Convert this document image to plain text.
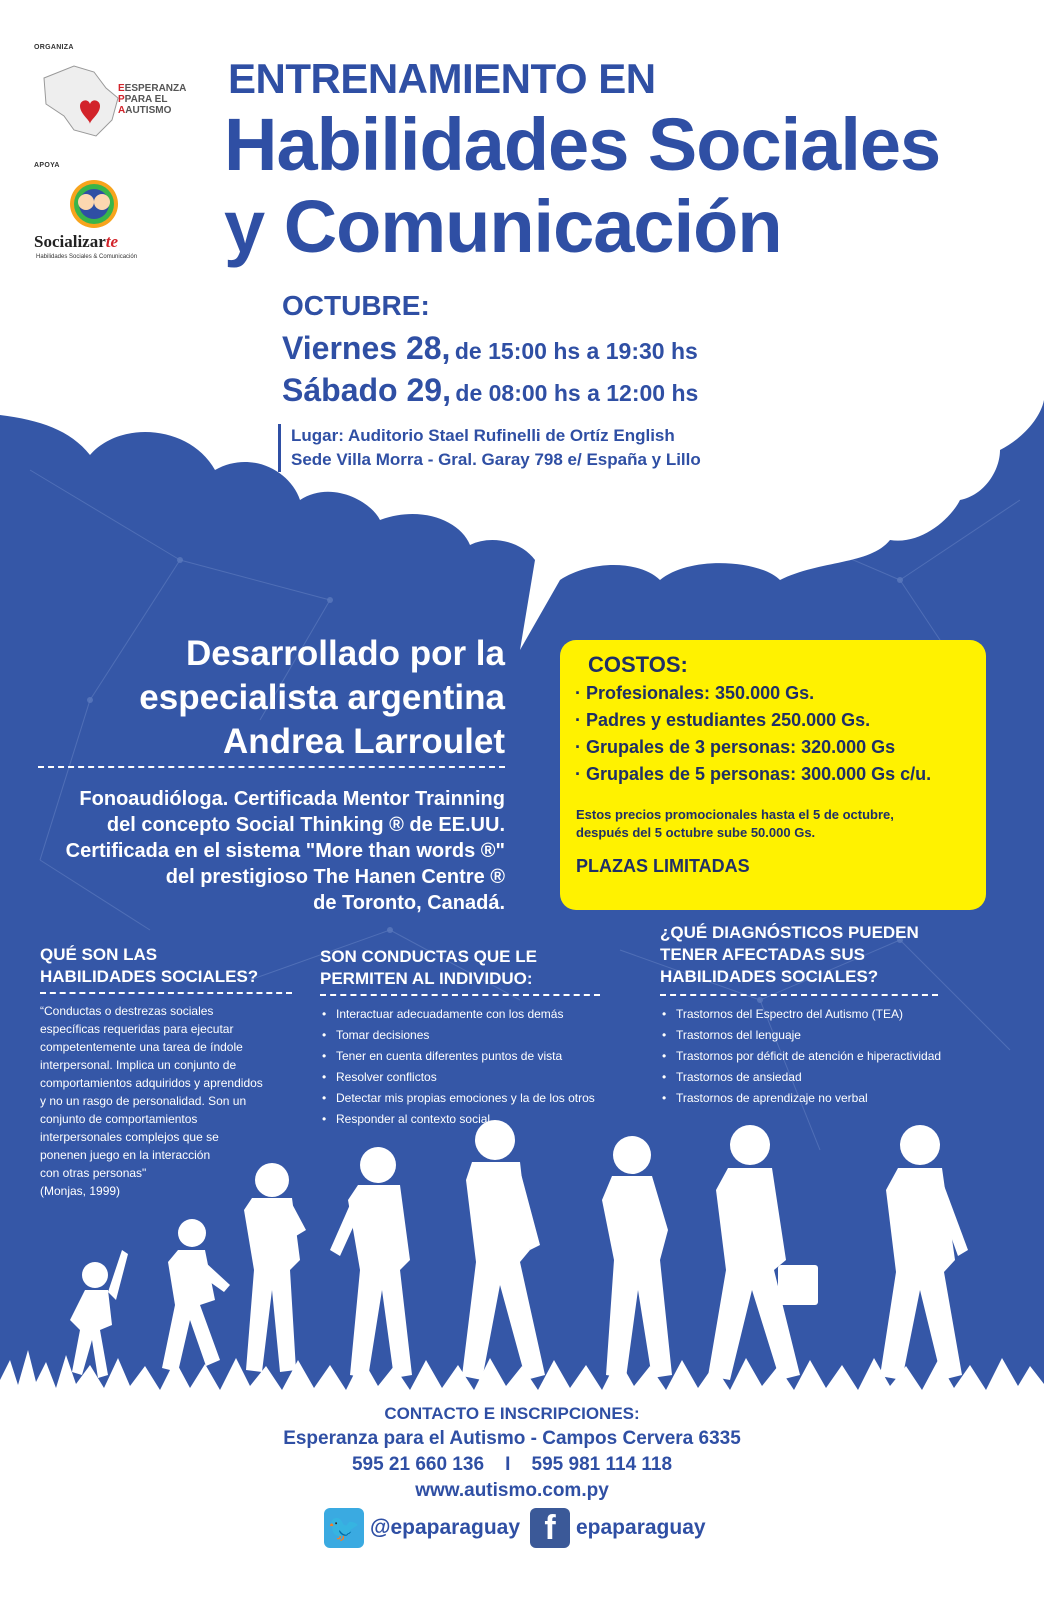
ORGANIZA
EESPERANZA
PPARA EL
AAUTISMO
APOYA
Socializarte
Habilidades Sociales & Comunicación
ENTRENAMIENTO EN
Habilidades Sociales
y Comunicación
OCTUBRE:
Viernes 28, de 15:00 hs a 19:30 hs
Sábado 29, de 08:00 hs a 12:00 hs
Lugar: Auditorio Stael Rufinelli de Ortíz English
Sede Villa Morra - Gral. Garay 798 e/ España y Lillo
Desarrollado por la
especialista argentina
Andrea Larroulet
Fonoaudióloga. Certificada Mentor Trainning
del concepto Social Thinking ® de EE.UU.
Certificada en el sistema "More than words ®"
del prestigioso The Hanen Centre ®
de Toronto, Canadá.
COSTOS:
· Profesionales: 350.000 Gs.
· Padres y estudiantes 250.000 Gs.
· Grupales de 3 personas: 320.000 Gs
· Grupales de 5 personas: 300.000 Gs c/u.
Estos precios promocionales hasta el 5 de octubre,
después del 5 octubre sube 50.000 Gs.
PLAZAS LIMITADAS
QUÉ SON LAS
HABILIDADES SOCIALES?
“Conductas o destrezas sociales
específicas requeridas para ejecutar
competentemente una tarea de índole
interpersonal. Implica un conjunto de
comportamientos adquiridos y aprendidos
y no un rasgo de personalidad. Son un
conjunto de comportamientos
interpersonales complejos que se
ponenen juego en la interacción
con otras personas"
(Monjas, 1999)
SON CONDUCTAS QUE LE
PERMITEN AL INDIVIDUO:
• Interactuar adecuadamente con los demás
• Tomar decisiones
• Tener en cuenta diferentes puntos de vista
• Resolver conflictos
• Detectar mis propias emociones y la de los otros
• Responder al contexto social
¿QUÉ DIAGNÓSTICOS PUEDEN
TENER AFECTADAS SUS
HABILIDADES SOCIALES?
• Trastornos del Espectro del Autismo (TEA)
• Trastornos del lenguaje
• Trastornos por déficit de atención e hiperactividad
• Trastornos de ansiedad
• Trastornos de aprendizaje no verbal
CONTACTO E INSCRIPCIONES:
Esperanza para el Autismo - Campos Cervera 6335
595 21 660 136    I    595 981 114 118
www.autismo.com.py
🐦 @epaparaguay f epaparaguay
